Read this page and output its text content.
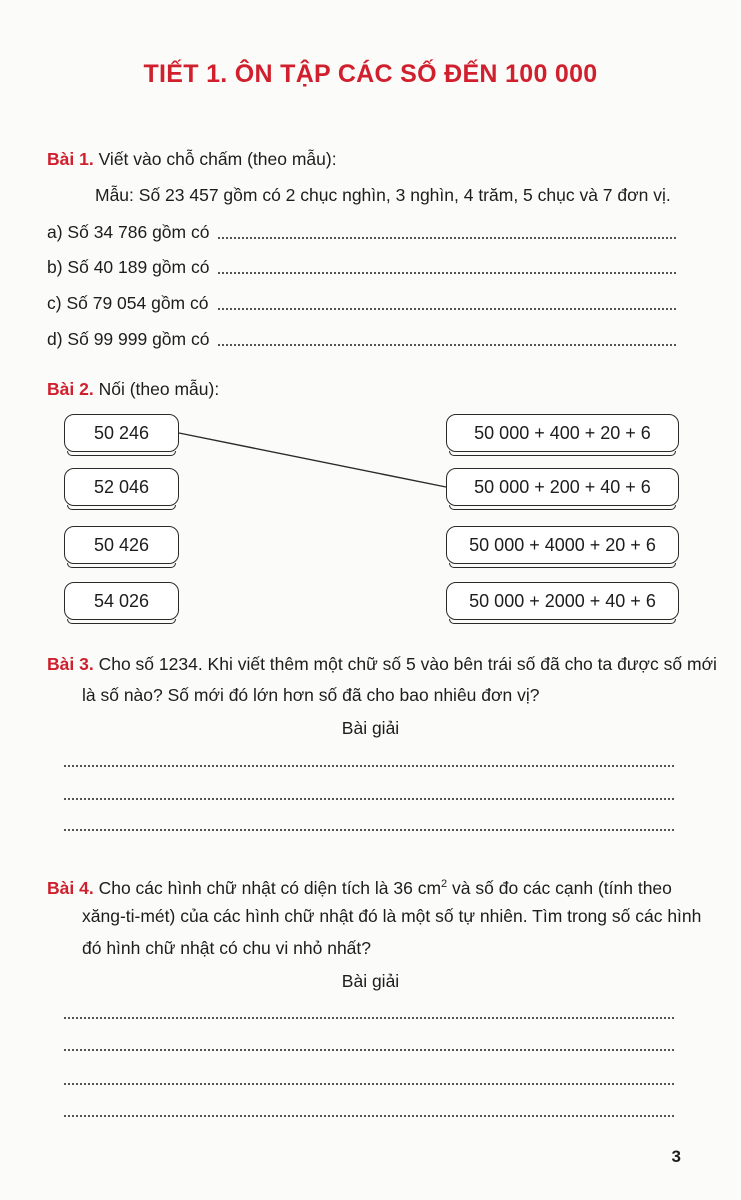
TIẾT 1. ÔN TẬP CÁC SỐ ĐẾN 100 000
Bài 1. Viết vào chỗ chấm (theo mẫu):
Mẫu: Số 23 457 gồm có 2 chục nghìn, 3 nghìn, 4 trăm, 5 chục và 7 đơn vị.
a) Số 34 786 gồm có
b) Số 40 189 gồm có
c) Số 79 054 gồm có
d) Số 99 999 gồm có
Bài 2. Nối (theo mẫu):
50 246
52 046
50 426
54 026
50 000 + 400 + 20 + 6
50 000 + 200 + 40 + 6
50 000 + 4000 + 20 + 6
50 000 + 2000 + 40 + 6
Bài 3. Cho số 1234. Khi viết thêm một chữ số 5 vào bên trái số đã cho ta được số mới
là số nào? Số mới đó lớn hơn số đã cho bao nhiêu đơn vị?
Bài giải
Bài 4. Cho các hình chữ nhật có diện tích là 36 $cm^2$ và số đo các cạnh (tính theo
xăng-ti-mét) của các hình chữ nhật đó là một số tự nhiên. Tìm trong số các hình
đó hình chữ nhật có chu vi nhỏ nhất?
Bài giải
3
